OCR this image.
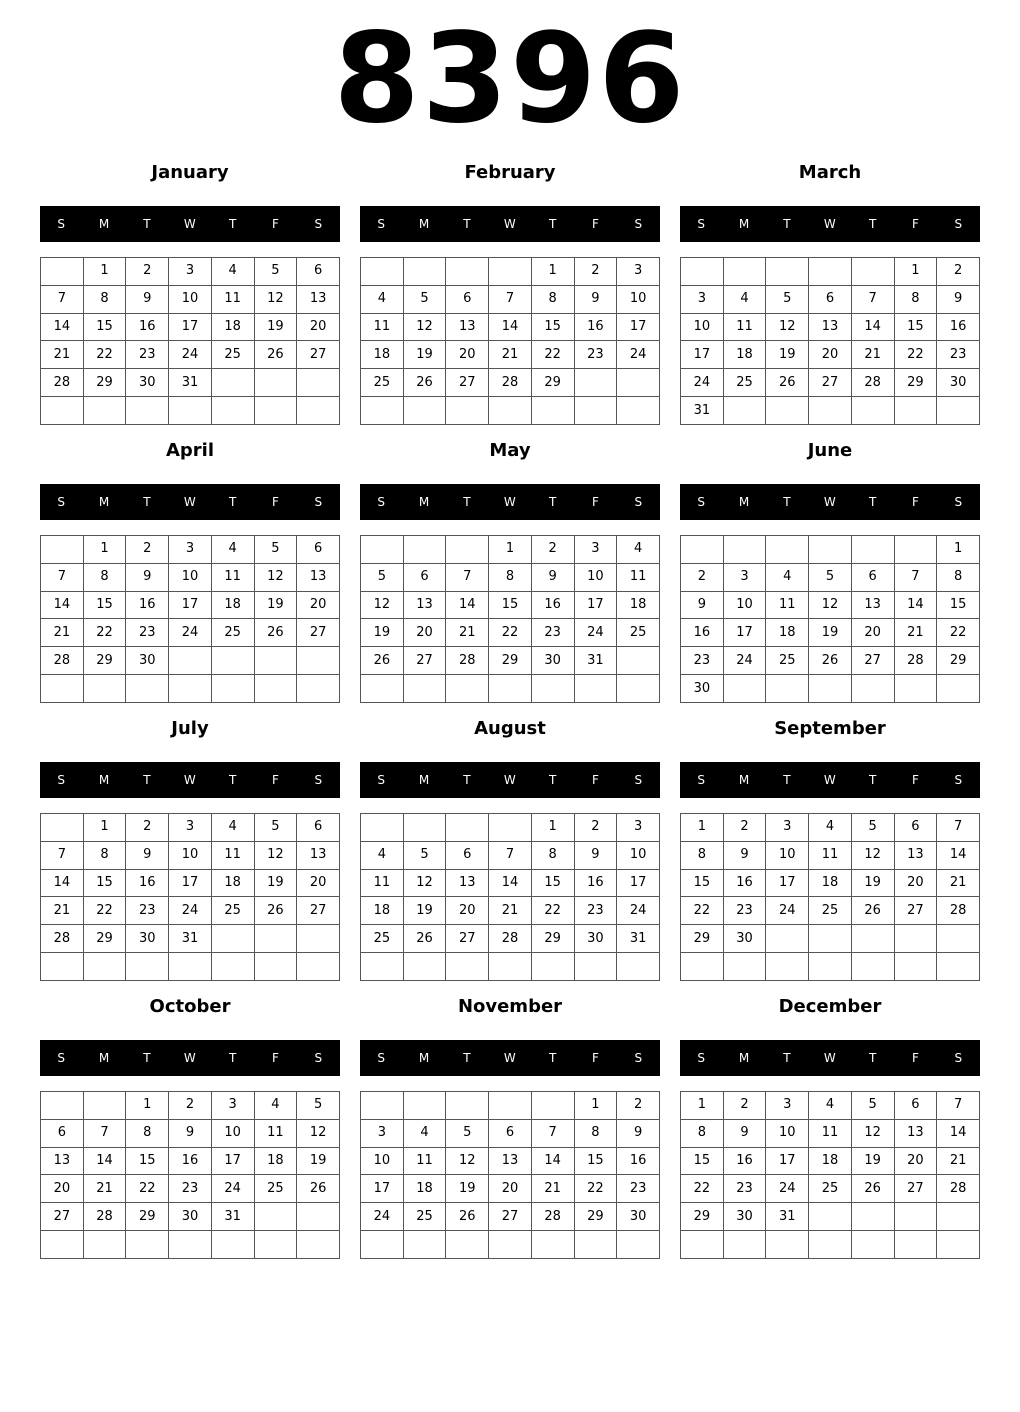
8396
January
S	M	T	W	T	F	S
	1	2	3	4	5	6
7	8	9	10	11	12	13
14	15	16	17	18	19	20
21	22	23	24	25	26	27
28	29	30	31			

February
S	M	T	W	T	F	S
				1	2	3
4	5	6	7	8	9	10
11	12	13	14	15	16	17
18	19	20	21	22	23	24
25	26	27	28	29		

March
S	M	T	W	T	F	S
					1	2
3	4	5	6	7	8	9
10	11	12	13	14	15	16
17	18	19	20	21	22	23
24	25	26	27	28	29	30
31						
April
S	M	T	W	T	F	S
	1	2	3	4	5	6
7	8	9	10	11	12	13
14	15	16	17	18	19	20
21	22	23	24	25	26	27
28	29	30				

May
S	M	T	W	T	F	S
			1	2	3	4
5	6	7	8	9	10	11
12	13	14	15	16	17	18
19	20	21	22	23	24	25
26	27	28	29	30	31	

June
S	M	T	W	T	F	S
						1
2	3	4	5	6	7	8
9	10	11	12	13	14	15
16	17	18	19	20	21	22
23	24	25	26	27	28	29
30						
July
S	M	T	W	T	F	S
	1	2	3	4	5	6
7	8	9	10	11	12	13
14	15	16	17	18	19	20
21	22	23	24	25	26	27
28	29	30	31			

August
S	M	T	W	T	F	S
				1	2	3
4	5	6	7	8	9	10
11	12	13	14	15	16	17
18	19	20	21	22	23	24
25	26	27	28	29	30	31

September
S	M	T	W	T	F	S
1	2	3	4	5	6	7
8	9	10	11	12	13	14
15	16	17	18	19	20	21
22	23	24	25	26	27	28
29	30					

October
S	M	T	W	T	F	S
		1	2	3	4	5
6	7	8	9	10	11	12
13	14	15	16	17	18	19
20	21	22	23	24	25	26
27	28	29	30	31		

November
S	M	T	W	T	F	S
					1	2
3	4	5	6	7	8	9
10	11	12	13	14	15	16
17	18	19	20	21	22	23
24	25	26	27	28	29	30

December
S	M	T	W	T	F	S
1	2	3	4	5	6	7
8	9	10	11	12	13	14
15	16	17	18	19	20	21
22	23	24	25	26	27	28
29	30	31				
